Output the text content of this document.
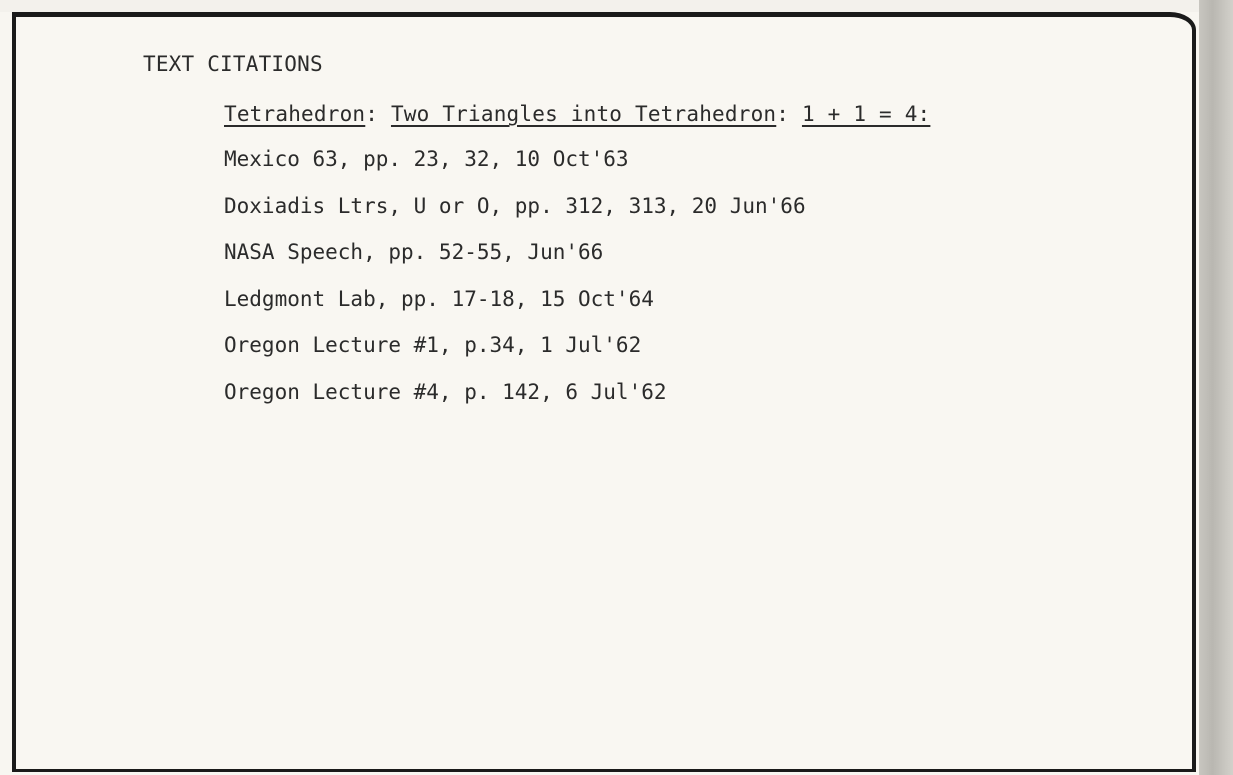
TEXT CITATIONS
Tetrahedron: Two Triangles into Tetrahedron: 1 + 1 = 4:
Mexico 63, pp. 23, 32, 10 Oct'63
Doxiadis Ltrs, U or O, pp. 312, 313, 20 Jun'66
NASA Speech, pp. 52-55, Jun'66
Ledgmont Lab, pp. 17-18, 15 Oct'64
Oregon Lecture #1, p.34, 1 Jul'62
Oregon Lecture #4, p. 142, 6 Jul'62
